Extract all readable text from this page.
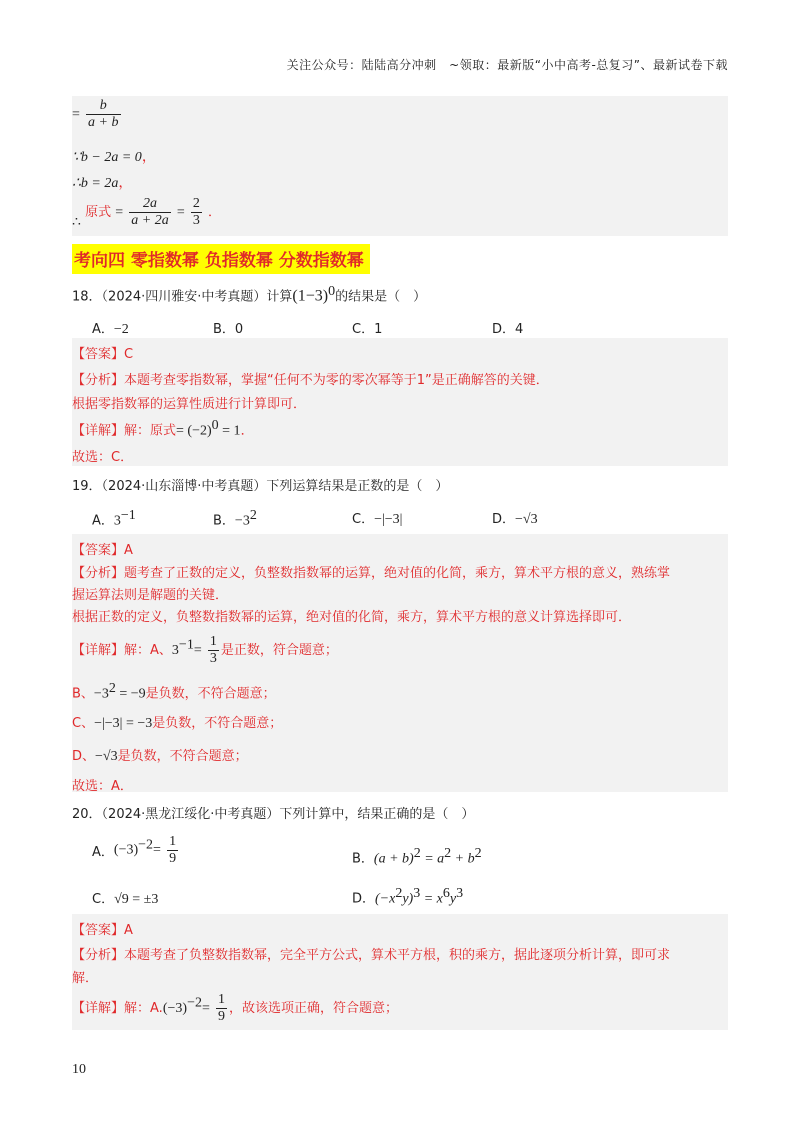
关注公众号：陆陆高分冲刺　~领取：最新版“小中高考-总复习”、最新试卷下载
= $\frac{b}{a + b}$
∵b − 2a = 0，
∴b = 2a，
∴ 原式 = $\frac{2a}{a + 2a} = \frac{2}{3}$ ．
考向四 零指数幂 负指数幂 分数指数幂
18．（2024·四川雅安·中考真题）计算$(1-3)^0$的结果是（　）
A．−2	B．0	C．1	D．4
【答案】C
【分析】本题考查零指数幂，掌握“任何不为零的零次幂等于1”是正确解答的关键．
根据零指数幂的运算性质进行计算即可．
【详解】解：原式= $(-2)^0 = 1$．
故选：C．
19．（2024·山东淄博·中考真题）下列运算结果是正数的是（　）
A．$3^{-1}$	B．$-3^2$	C．−|−3|	D．−√3
【答案】A
【分析】题考查了正数的定义，负整数指数幂的运算，绝对值的化简，乘方，算术平方根的意义，熟练掌
握运算法则是解题的关键．
根据正数的定义，负整数指数幂的运算，绝对值的化简，乘方，算术平方根的意义计算选择即可．
【详解】解：A、$3^{-1}= \frac{1}{3}$ 是正数，符合题意；
B、$-3^2 = -9$是负数，不符合题意；
C、−|−3| = −3是负数，不符合题意；
D、−√3是负数，不符合题意；
故选：A．
20．（2024·黑龙江绥化·中考真题）下列计算中，结果正确的是（　）
A．$(-3)^{-2}= \frac{1}{9}$	B．$(a + b)^2 = a^2 + b^2$
C．√9 = ±3	D．$(-x^2y)^3 = x^6y^3$
【答案】A
【分析】本题考查了负整数指数幂，完全平方公式，算术平方根，积的乘方，据此逐项分析计算，即可求
解．
【详解】解：$A.(-3)^{-2}= \frac{1}{9}$ ，故该选项正确，符合题意；
10
